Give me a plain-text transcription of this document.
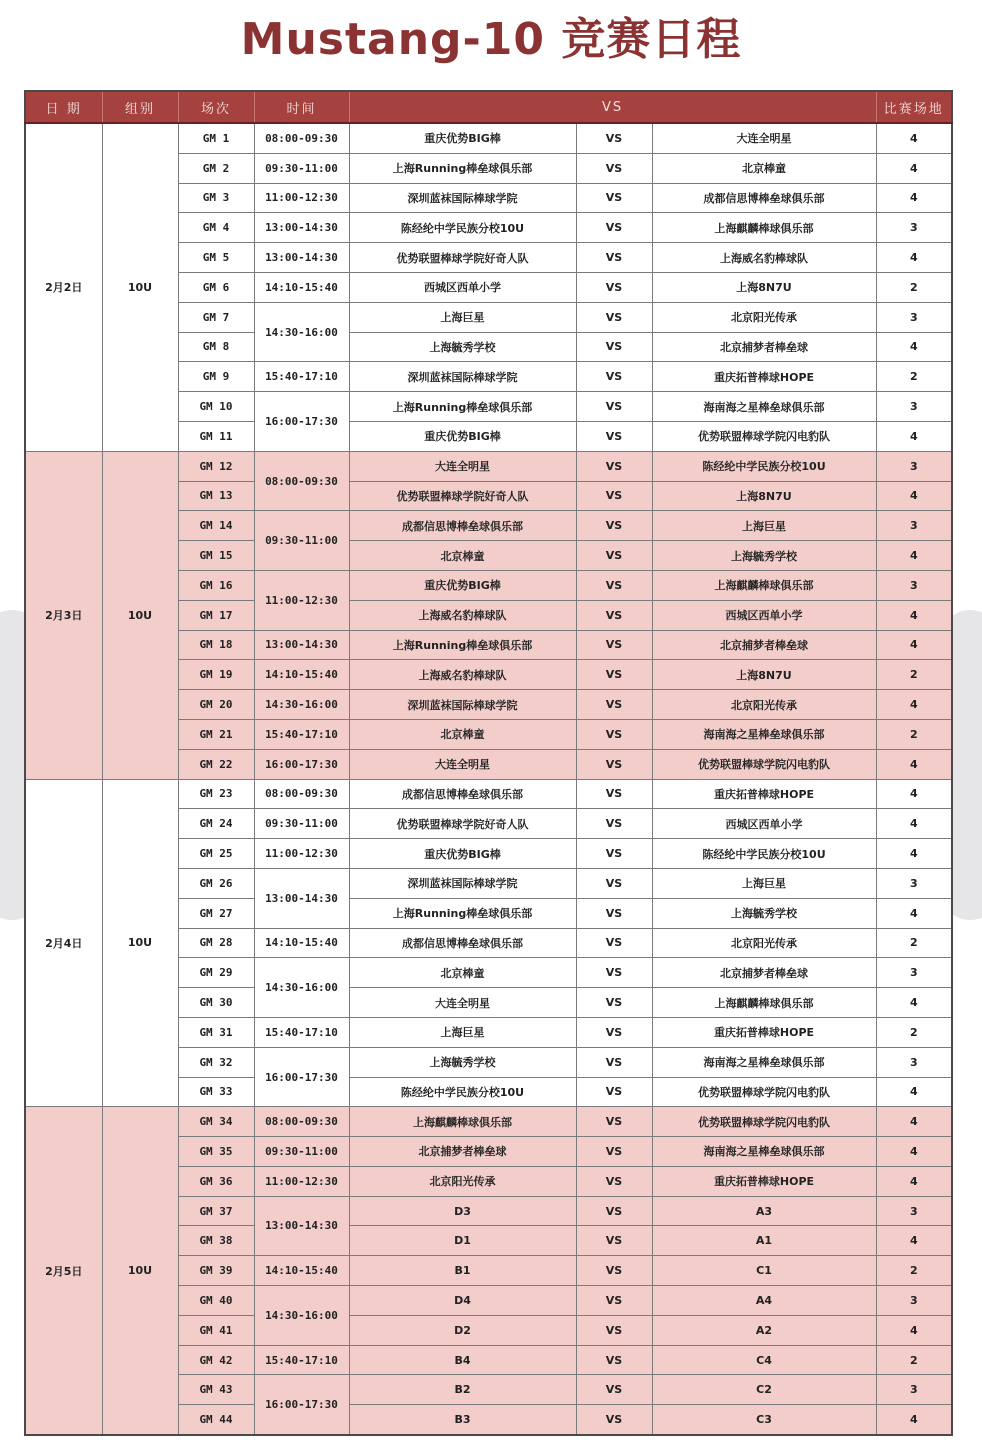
Mustang-10 竞赛日程
日 期	组别	场次	时间	VS			比赛场地
2月2日	10U	GM 1	08:00-09:30	重庆优势BIG棒	VS	大连全明星	4
		GM 2	09:30-11:00	上海Running棒垒球俱乐部	VS	北京棒童	4
		GM 3	11:00-12:30	深圳蓝袜国际棒球学院	VS	成都信思博棒垒球俱乐部	4
		GM 4	13:00-14:30	陈经纶中学民族分校10U	VS	上海麒麟棒球俱乐部	3
		GM 5	13:00-14:30	优势联盟棒球学院好奇人队	VS	上海威名豹棒球队	4
		GM 6	14:10-15:40	西城区西单小学	VS	上海8N7U	2
		GM 7	14:30-16:00	上海巨星	VS	北京阳光传承	3
		GM 8		上海毓秀学校	VS	北京捕梦者棒垒球	4
		GM 9	15:40-17:10	深圳蓝袜国际棒球学院	VS	重庆拓普棒球HOPE	2
		GM 10	16:00-17:30	上海Running棒垒球俱乐部	VS	海南海之星棒垒球俱乐部	3
		GM 11		重庆优势BIG棒	VS	优势联盟棒球学院闪电豹队	4
2月3日	10U	GM 12	08:00-09:30	大连全明星	VS	陈经纶中学民族分校10U	3
		GM 13		优势联盟棒球学院好奇人队	VS	上海8N7U	4
		GM 14	09:30-11:00	成都信思博棒垒球俱乐部	VS	上海巨星	3
		GM 15		北京棒童	VS	上海毓秀学校	4
		GM 16	11:00-12:30	重庆优势BIG棒	VS	上海麒麟棒球俱乐部	3
		GM 17		上海威名豹棒球队	VS	西城区西单小学	4
		GM 18	13:00-14:30	上海Running棒垒球俱乐部	VS	北京捕梦者棒垒球	4
		GM 19	14:10-15:40	上海威名豹棒球队	VS	上海8N7U	2
		GM 20	14:30-16:00	深圳蓝袜国际棒球学院	VS	北京阳光传承	4
		GM 21	15:40-17:10	北京棒童	VS	海南海之星棒垒球俱乐部	2
		GM 22	16:00-17:30	大连全明星	VS	优势联盟棒球学院闪电豹队	4
2月4日	10U	GM 23	08:00-09:30	成都信思博棒垒球俱乐部	VS	重庆拓普棒球HOPE	4
		GM 24	09:30-11:00	优势联盟棒球学院好奇人队	VS	西城区西单小学	4
		GM 25	11:00-12:30	重庆优势BIG棒	VS	陈经纶中学民族分校10U	4
		GM 26	13:00-14:30	深圳蓝袜国际棒球学院	VS	上海巨星	3
		GM 27		上海Running棒垒球俱乐部	VS	上海毓秀学校	4
		GM 28	14:10-15:40	成都信思博棒垒球俱乐部	VS	北京阳光传承	2
		GM 29	14:30-16:00	北京棒童	VS	北京捕梦者棒垒球	3
		GM 30		大连全明星	VS	上海麒麟棒球俱乐部	4
		GM 31	15:40-17:10	上海巨星	VS	重庆拓普棒球HOPE	2
		GM 32	16:00-17:30	上海毓秀学校	VS	海南海之星棒垒球俱乐部	3
		GM 33		陈经纶中学民族分校10U	VS	优势联盟棒球学院闪电豹队	4
2月5日	10U	GM 34	08:00-09:30	上海麒麟棒球俱乐部	VS	优势联盟棒球学院闪电豹队	4
		GM 35	09:30-11:00	北京捕梦者棒垒球	VS	海南海之星棒垒球俱乐部	4
		GM 36	11:00-12:30	北京阳光传承	VS	重庆拓普棒球HOPE	4
		GM 37	13:00-14:30	D3	VS	A3	3
		GM 38		D1	VS	A1	4
		GM 39	14:10-15:40	B1	VS	C1	2
		GM 40	14:30-16:00	D4	VS	A4	3
		GM 41		D2	VS	A2	4
		GM 42	15:40-17:10	B4	VS	C4	2
		GM 43	16:00-17:30	B2	VS	C2	3
		GM 44		B3	VS	C3	4
